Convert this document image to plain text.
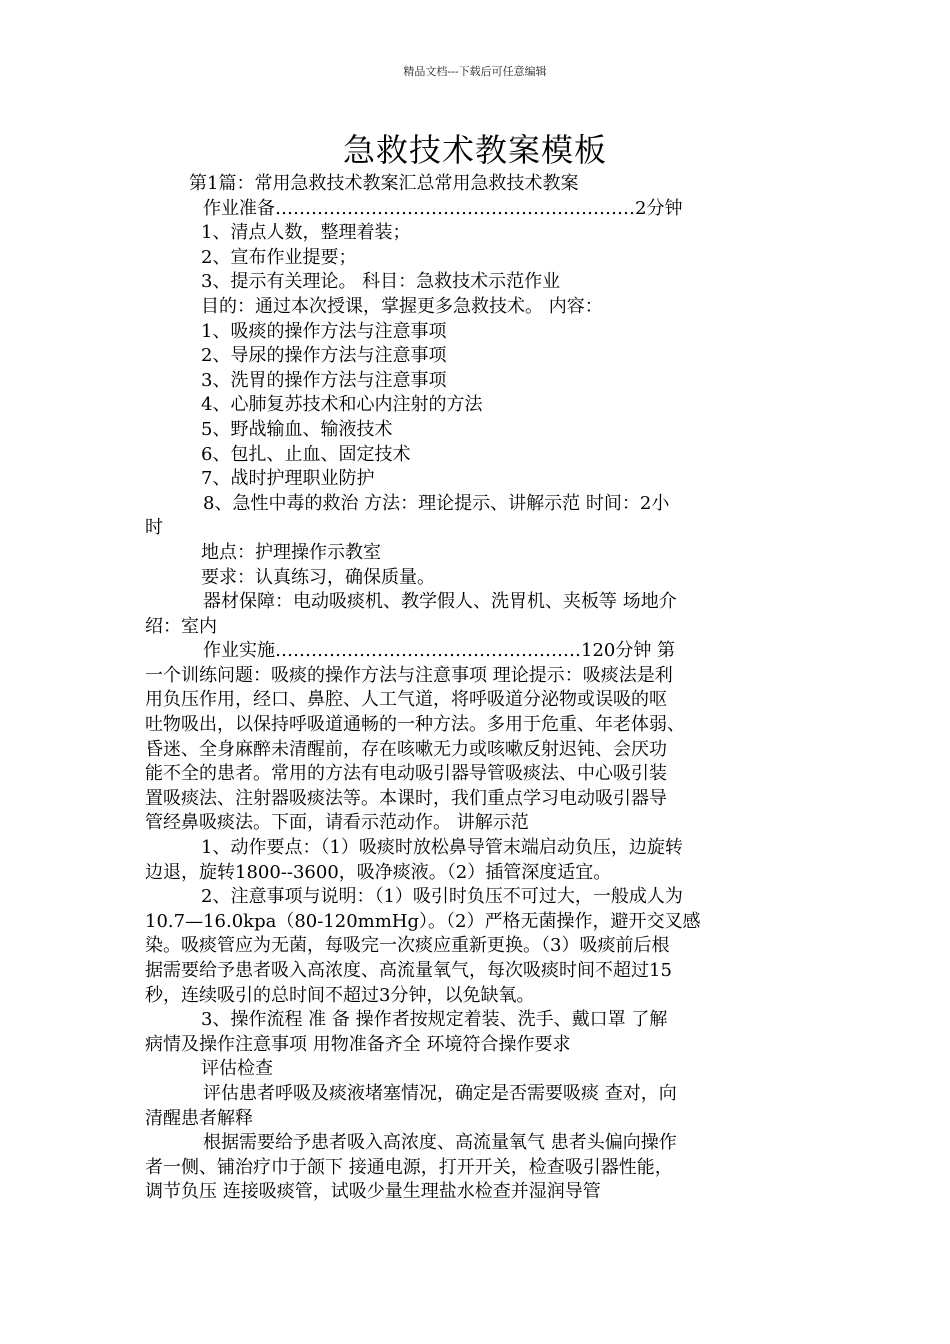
精品文档---下载后可任意编辑
急救技术教案模板
第1篇：常用急救技术教案汇总常用急救技术教案
作业准备……………………………………………………2分钟
1、清点人数，整理着装；
2、宣布作业提要；
3、提示有关理论。 科目：急救技术示范作业
目的：通过本次授课，掌握更多急救技术。 内容：
1、吸痰的操作方法与注意事项
2、导尿的操作方法与注意事项
3、洗胃的操作方法与注意事项
4、心肺复苏技术和心内注射的方法
5、野战输血、输液技术
6、包扎、止血、固定技术
7、战时护理职业防护
8、急性中毒的救治 方法：理论提示、讲解示范 时间：2小
时
地点：护理操作示教室
要求：认真练习，确保质量。
器材保障：电动吸痰机、教学假人、洗胃机、夹板等 场地介
绍：室内
作业实施……………………………………………120分钟 第
一个训练问题：吸痰的操作方法与注意事项 理论提示：吸痰法是利
用负压作用，经口、鼻腔、人工气道，将呼吸道分泌物或误吸的呕
吐物吸出，以保持呼吸道通畅的一种方法。多用于危重、年老体弱、
昏迷、全身麻醉未清醒前，存在咳嗽无力或咳嗽反射迟钝、会厌功
能不全的患者。常用的方法有电动吸引器导管吸痰法、中心吸引装
置吸痰法、注射器吸痰法等。本课时，我们重点学习电动吸引器导
管经鼻吸痰法。下面，请看示范动作。 讲解示范
1、动作要点：（1）吸痰时放松鼻导管末端启动负压，边旋转
边退，旋转1800--3600，吸净痰液。（2）插管深度适宜。
2、注意事项与说明：（1）吸引时负压不可过大，一般成人为
10.7—16.0kpa（80-120mmHg）。（2）严格无菌操作，避开交叉感
染。吸痰管应为无菌，每吸完一次痰应重新更换。（3）吸痰前后根
据需要给予患者吸入高浓度、高流量氧气，每次吸痰时间不超过15
秒，连续吸引的总时间不超过3分钟，以免缺氧。
3、操作流程 准 备 操作者按规定着装、洗手、戴口罩 了解
病情及操作注意事项 用物准备齐全 环境符合操作要求
评估检查
评估患者呼吸及痰液堵塞情况，确定是否需要吸痰 查对，向
清醒患者解释
根据需要给予患者吸入高浓度、高流量氧气 患者头偏向操作
者一侧、铺治疗巾于颌下 接通电源，打开开关，检查吸引器性能，
调节负压 连接吸痰管，试吸少量生理盐水检查并湿润导管
